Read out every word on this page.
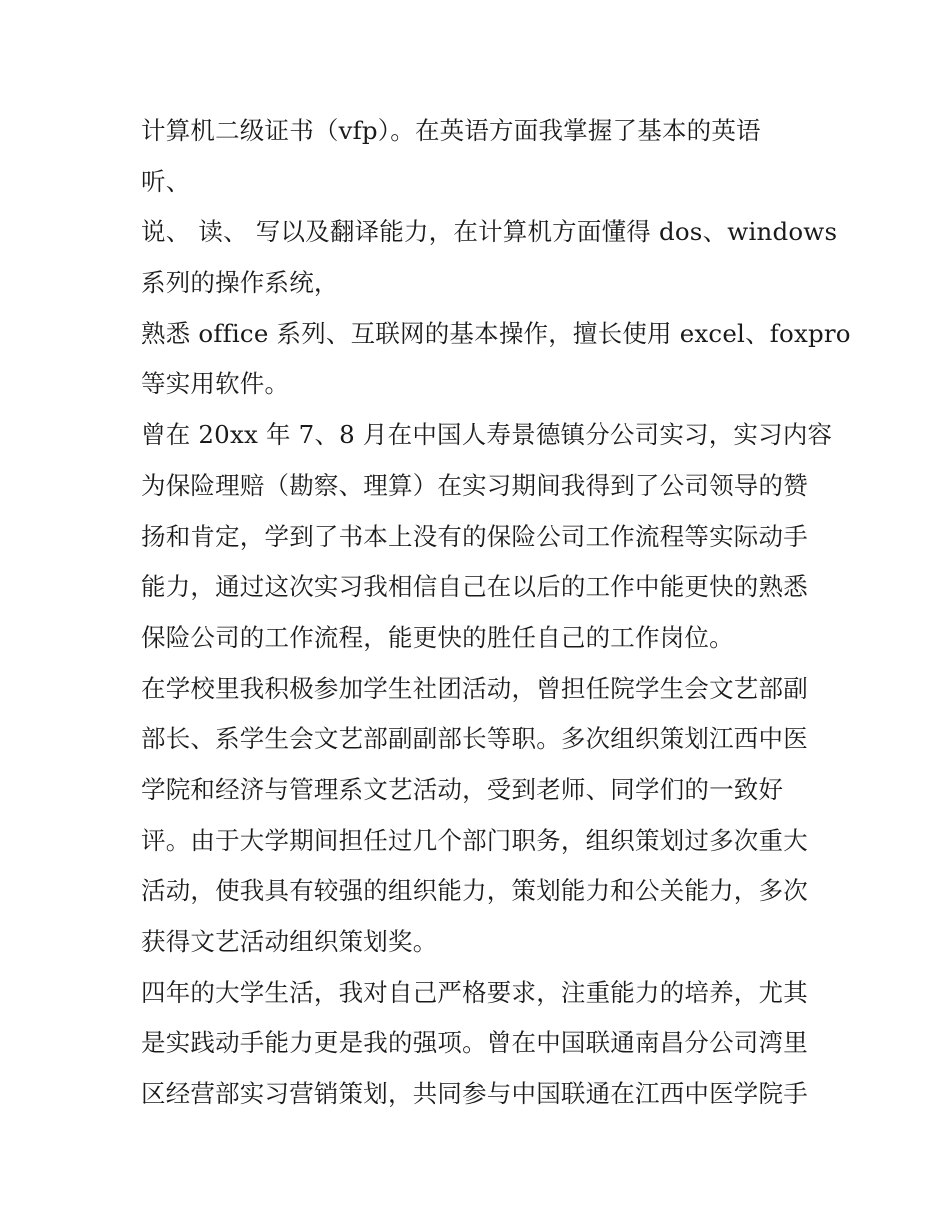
计算机二级证书（vfp）。在英语方面我掌握了基本的英语
听、
说、 读、 写以及翻译能力，在计算机方面懂得 dos、windows
系列的操作系统，
熟悉 office 系列、互联网的基本操作，擅长使用 excel、foxpro
等实用软件。
曾在 20xx 年 7、8 月在中国人寿景德镇分公司实习，实习内容
为保险理赔（勘察、理算）在实习期间我得到了公司领导的赞
扬和肯定，学到了书本上没有的保险公司工作流程等实际动手
能力，通过这次实习我相信自己在以后的工作中能更快的熟悉
保险公司的工作流程，能更快的胜任自己的工作岗位。
在学校里我积极参加学生社团活动，曾担任院学生会文艺部副
部长、系学生会文艺部副副部长等职。多次组织策划江西中医
学院和经济与管理系文艺活动，受到老师、同学们的一致好
评。由于大学期间担任过几个部门职务，组织策划过多次重大
活动，使我具有较强的组织能力，策划能力和公关能力，多次
获得文艺活动组织策划奖。
四年的大学生活，我对自己严格要求，注重能力的培养，尤其
是实践动手能力更是我的强项。曾在中国联通南昌分公司湾里
区经营部实习营销策划，共同参与中国联通在江西中医学院手
